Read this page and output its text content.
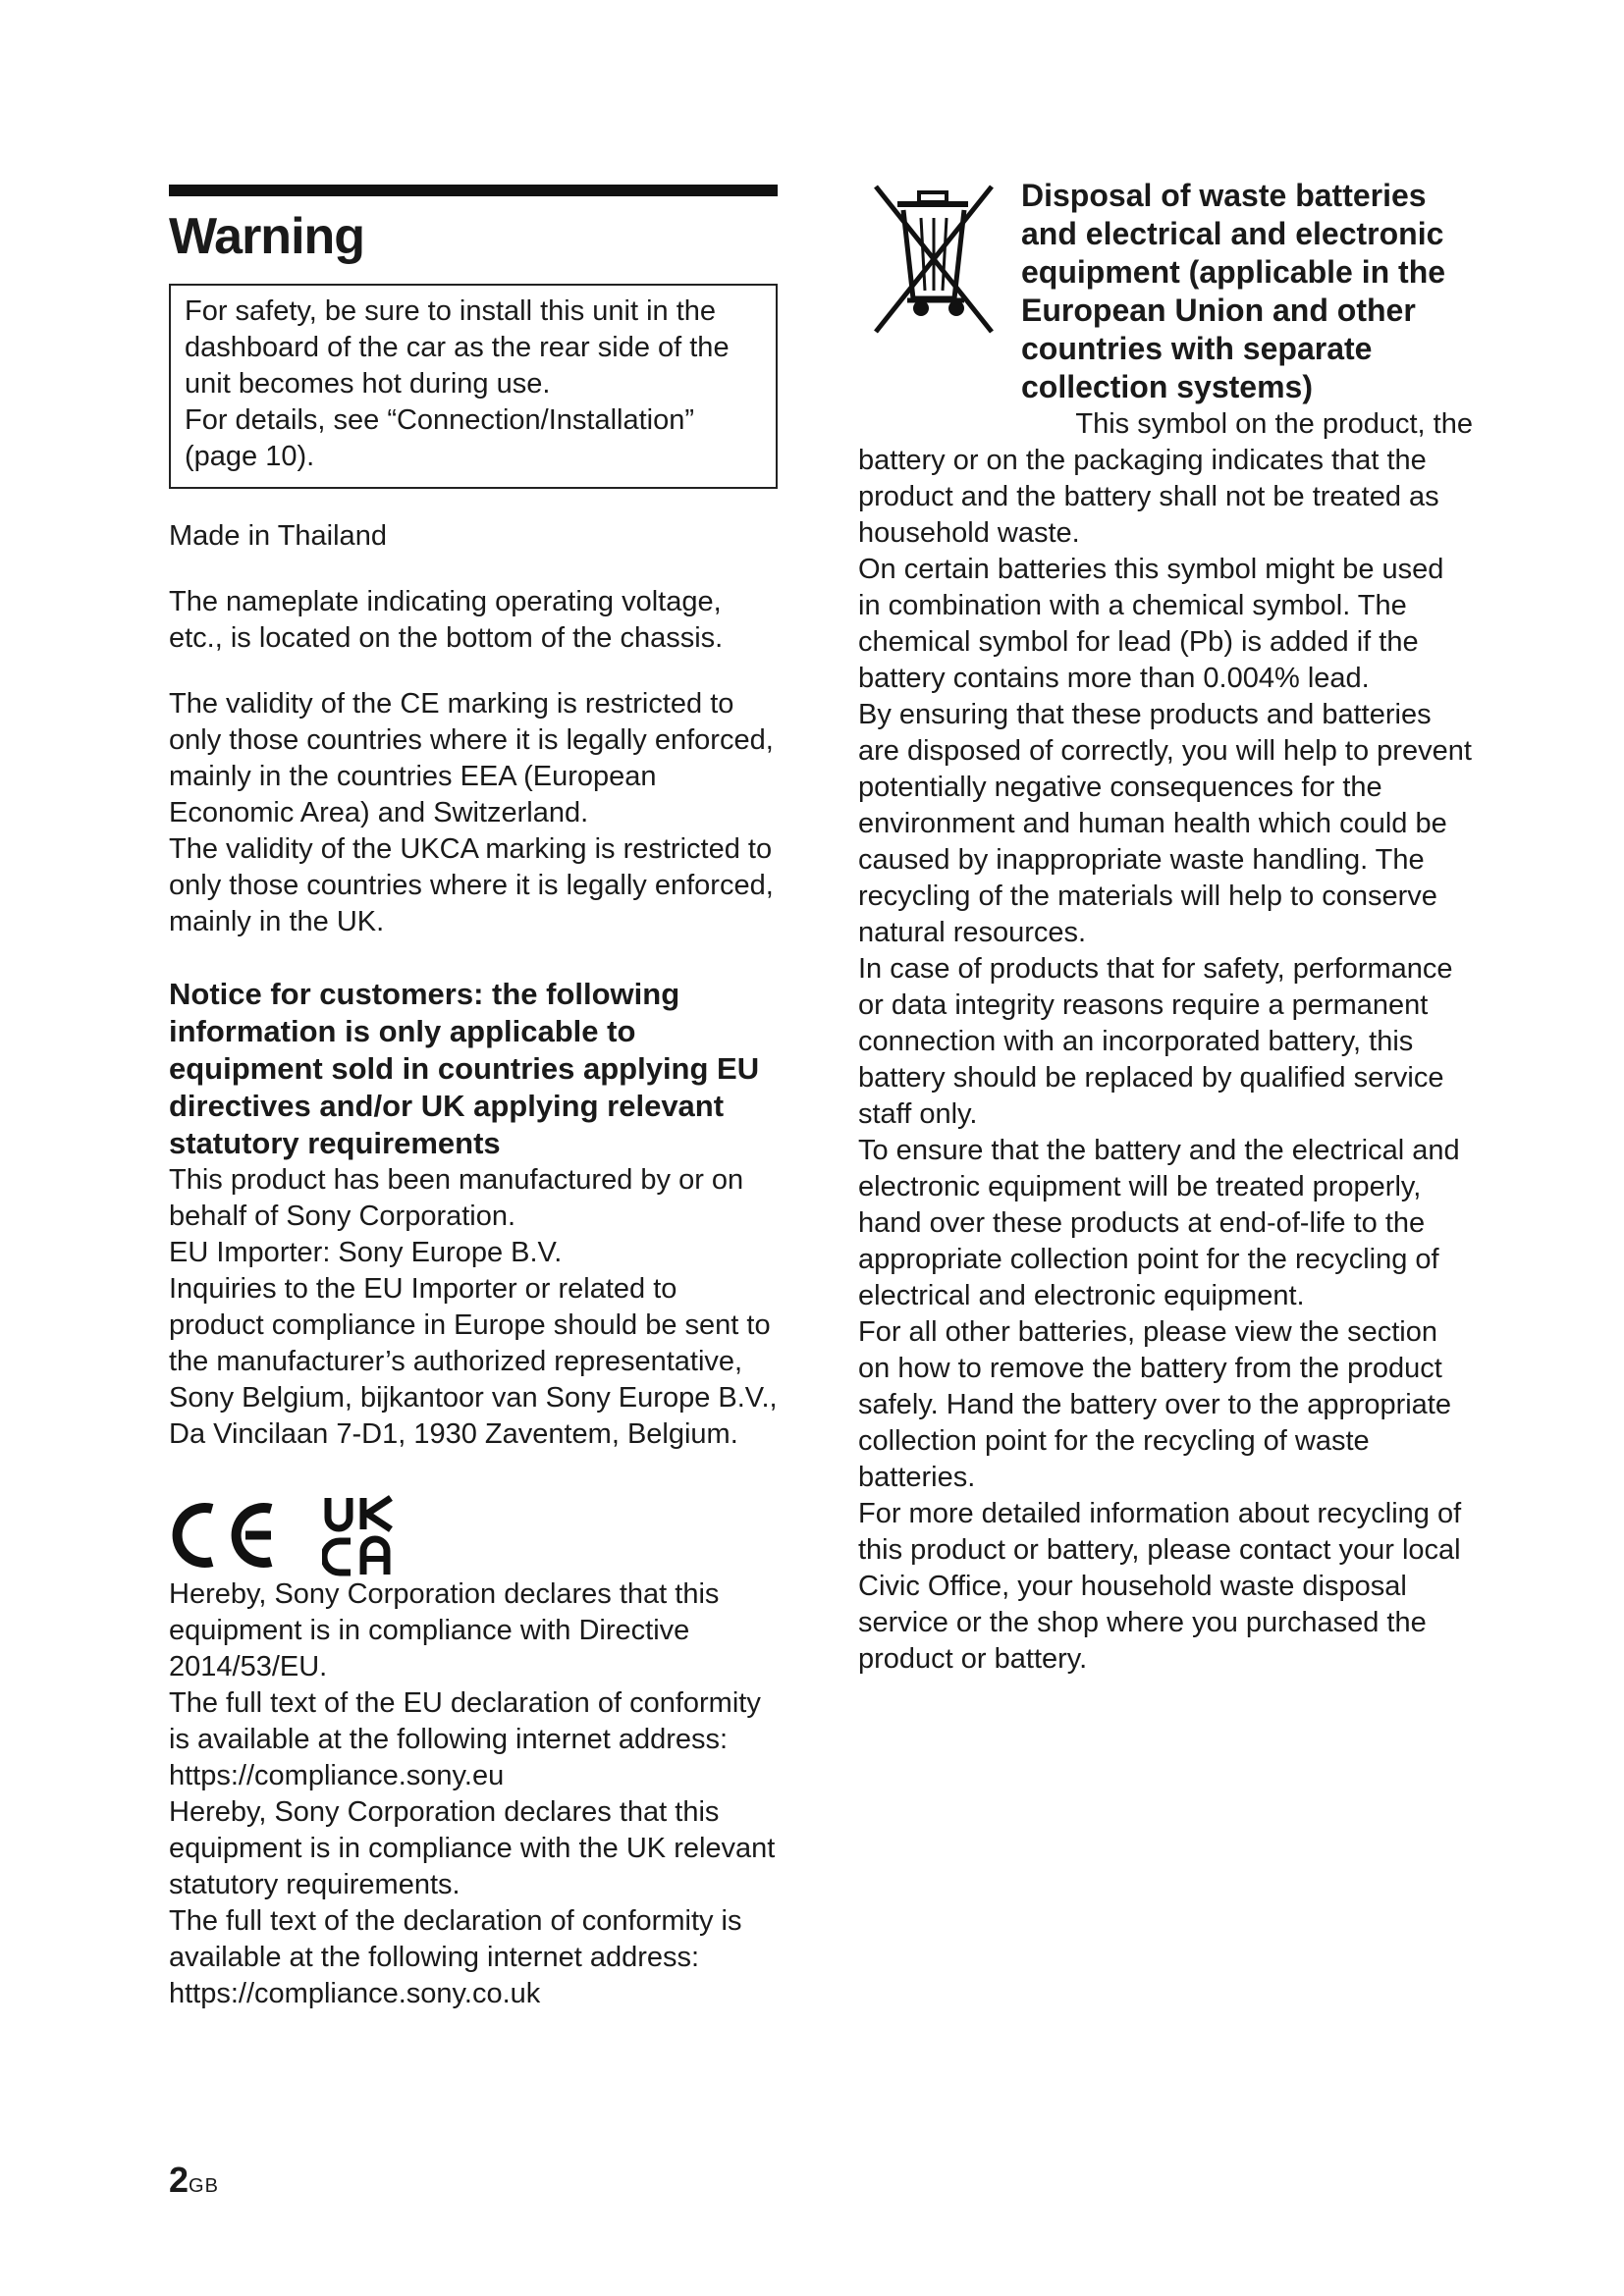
Warning

For safety, be sure to install this unit in the dashboard of the car as the rear side of the unit becomes hot during use.

For details, see “Connection/Installation” (page 10).

Made in Thailand

The nameplate indicating operating voltage, etc., is located on the bottom of the chassis.

The validity of the CE marking is restricted to only those countries where it is legally enforced, mainly in the countries EEA (European Economic Area) and Switzerland.

The validity of the UKCA marking is restricted to only those countries where it is legally enforced, mainly in the UK.

Notice for customers: the following information is only applicable to equipment sold in countries applying EU directives and/or UK applying relevant statutory requirements

This product has been manufactured by or on behalf of Sony Corporation.

EU Importer: Sony Europe B.V.

Inquiries to the EU Importer or related to product compliance in Europe should be sent to the manufacturer’s authorized representative, Sony Belgium, bijkantoor van Sony Europe B.V., Da Vincilaan 7-D1, 1930 Zaventem, Belgium.

Hereby, Sony Corporation declares that this equipment is in compliance with Directive 2014/53/EU.

The full text of the EU declaration of conformity is available at the following internet address:

https://compliance.sony.eu

Hereby, Sony Corporation declares that this equipment is in compliance with the UK relevant statutory requirements.

The full text of the declaration of conformity is available at the following internet address:

https://compliance.sony.co.uk

Disposal of waste batteries and electrical and electronic equipment (applicable in the European Union and other countries with separate collection systems)

This symbol on the product, the

battery or on the packaging indicates that the product and the battery shall not be treated as household waste.

On certain batteries this symbol might be used in combination with a chemical symbol. The chemical symbol for lead (Pb) is added if the battery contains more than 0.004% lead.

By ensuring that these products and batteries are disposed of correctly, you will help to prevent potentially negative consequences for the environment and human health which could be caused by inappropriate waste handling. The recycling of the materials will help to conserve natural resources.

In case of products that for safety, performance or data integrity reasons require a permanent connection with an incorporated battery, this battery should be replaced by qualified service staff only.

To ensure that the battery and the electrical and electronic equipment will be treated properly, hand over these products at end-of-life to the appropriate collection point for the recycling of electrical and electronic equipment.

For all other batteries, please view the section on how to remove the battery from the product safely. Hand the battery over to the appropriate collection point for the recycling of waste batteries.

For more detailed information about recycling of this product or battery, please contact your local Civic Office, your household waste disposal service or the shop where you purchased the product or battery.

2GB
